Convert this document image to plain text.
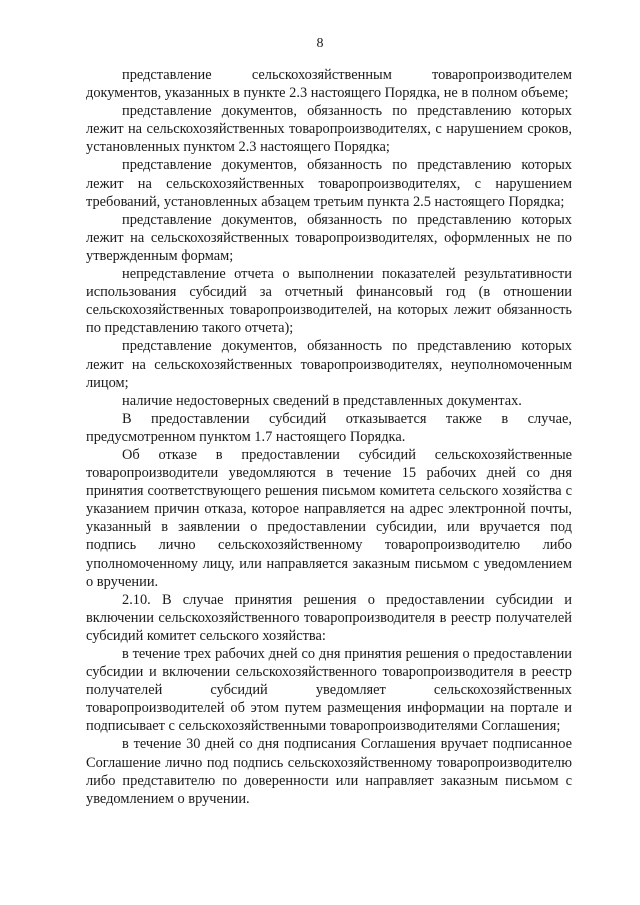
8

представление сельскохозяйственным товаропроизводителем документов, указанных в пункте 2.3 настоящего Порядка, не в полном объеме;

представление документов, обязанность по представлению которых лежит на сельскохозяйственных товаропроизводителях, с нарушением сроков, установленных пунктом 2.3 настоящего Порядка;

представление документов, обязанность по представлению которых лежит на сельскохозяйственных товаропроизводителях, с нарушением требований, установленных абзацем третьим пункта 2.5 настоящего Порядка;

представление документов, обязанность по представлению которых лежит на сельскохозяйственных товаропроизводителях, оформленных не по утвержденным формам;

непредставление отчета о выполнении показателей результативности использования субсидий за отчетный финансовый год (в отношении сельскохозяйственных товаропроизводителей, на которых лежит обязанность по представлению такого отчета);

представление документов, обязанность по представлению которых лежит на сельскохозяйственных товаропроизводителях, неуполномоченным лицом;

наличие недостоверных сведений в представленных документах.

В предоставлении субсидий отказывается также в случае, предусмотренном пунктом 1.7 настоящего Порядка.

Об отказе в предоставлении субсидий сельскохозяйственные товаропроизводители уведомляются в течение 15 рабочих дней со дня принятия соответствующего решения письмом комитета сельского хозяйства с указанием причин отказа, которое направляется на адрес электронной почты, указанный в заявлении о предоставлении субсидии, или вручается под подпись лично сельскохозяйственному товаропроизводителю либо уполномоченному лицу, или направляется заказным письмом с уведомлением о вручении.

2.10. В случае принятия решения о предоставлении субсидии и включении сельскохозяйственного товаропроизводителя в реестр получателей субсидий комитет сельского хозяйства:

в течение трех рабочих дней со дня принятия решения о предоставлении субсидии и включении сельскохозяйственного товаропроизводителя в реестр получателей субсидий уведомляет сельскохозяйственных товаропроизводителей об этом путем размещения информации на портале и подписывает с сельскохозяйственными товаропроизводителями Соглашения;

в течение 30 дней со дня подписания Соглашения вручает подписанное Соглашение лично под подпись сельскохозяйственному товаропроизводителю либо представителю по доверенности или направляет заказным письмом с уведомлением о вручении.
